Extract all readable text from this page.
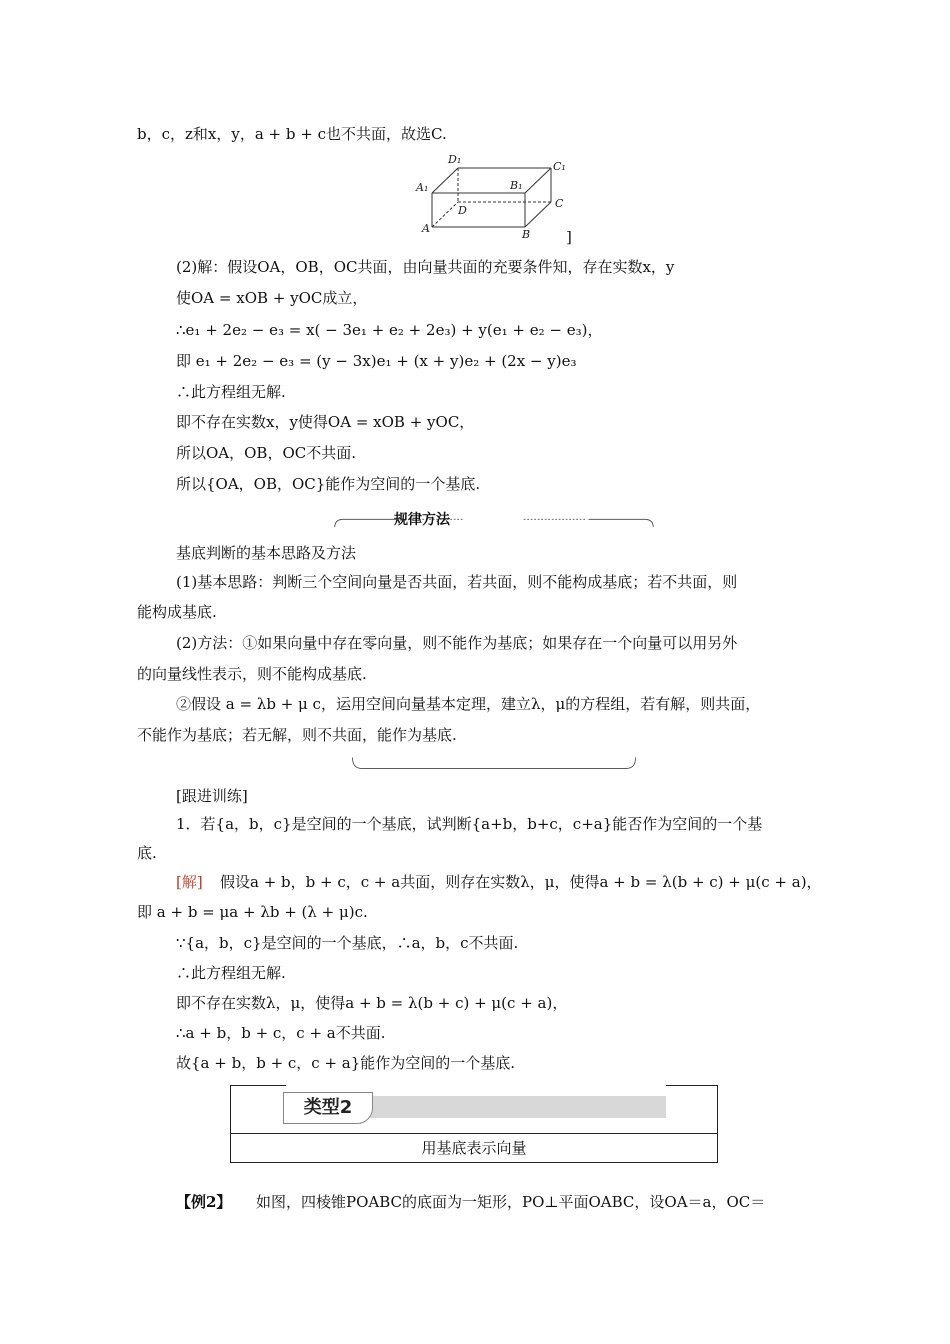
b，c，z和x，y，a + b + c也不共面，故选C.
D₁
C₁
A₁	B₁
D
C
A	B ]
(2)解：假设OA，OB，OC共面，由向量共面的充要条件知，存在实数x，y
使OA = xOB + yOC成立，
∴e₁ + 2e₂ − e₃ = x( − 3e₁ + e₂ + 2e₃) + y(e₁ + e₂ − e₃)，
即 e₁ + 2e₂ − e₃ = (y − 3x)e₁ + (x + y)e₂ + (2x − y)e₃
∴此方程组无解.
即不存在实数x，y使得OA = xOB + yOC，
所以OA，OB，OC不共面.
所以{OA，OB，OC}能作为空间的一个基底.
规律方法
基底判断的基本思路及方法
(1)基本思路：判断三个空间向量是否共面，若共面，则不能构成基底；若不共面，则
能构成基底.
(2)方法：①如果向量中存在零向量，则不能作为基底；如果存在一个向量可以用另外
的向量线性表示，则不能构成基底.
②假设 a = λb + μ c，运用空间向量基本定理，建立λ，μ的方程组，若有解，则共面，
不能作为基底；若无解，则不共面，能作为基底.
[跟进训练]
1．若{a，b，c}是空间的一个基底，试判断{a+b，b+c，c+a}能否作为空间的一个基
底.
[解] 假设a + b，b + c，c + a共面，则存在实数λ，μ，使得a + b = λ(b + c) + μ(c + a)，
即 a + b = μa + λb + (λ + μ)c.
∵{a，b，c}是空间的一个基底，∴a，b，c不共面.
∴此方程组无解.
即不存在实数λ，μ，使得a + b = λ(b + c) + μ(c + a)，
∴a + b，b + c，c + a不共面.
故{a + b，b + c，c + a}能作为空间的一个基底.
类型2
用基底表示向量
【例2】 如图，四棱锥POABC的底面为一矩形，PO⊥平面OABC，设OA＝a，OC＝
